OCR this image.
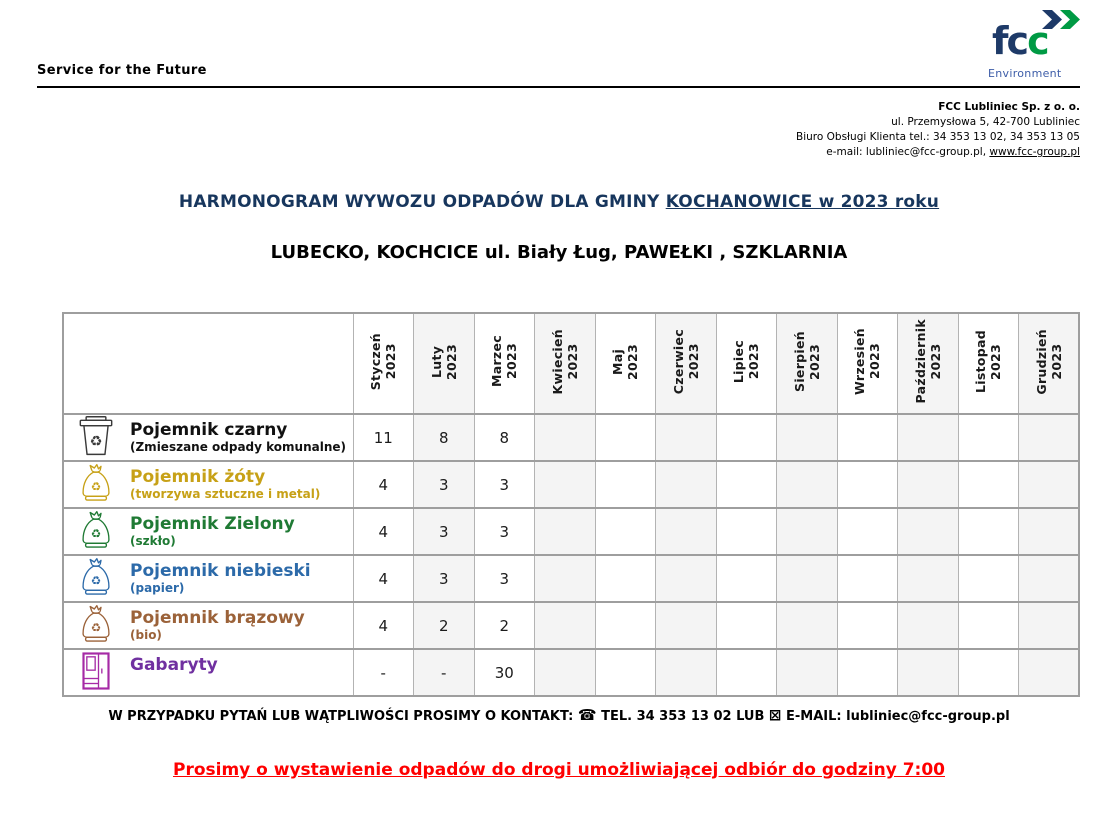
Service for the Future
fcc
Environment
FCC Lubliniec Sp. z o. o.
ul. Przemysłowa 5, 42-700 Lubliniec
Biuro Obsługi Klienta tel.: 34 353 13 02, 34 353 13 05
e-mail: lubliniec@fcc-group.pl, www.fcc-group.pl
HARMONOGRAM WYWOZU ODPADÓW DLA GMINY KOCHANOWICE w 2023 roku
LUBECKO, KOCHCICE ul. Biały Ług, PAWEŁKI , SZKLARNIA

Styczeń 2023	Luty 2023	Marzec 2023	Kwiecień 2023	Maj 2023	Czerwiec 2023	Lipiec 2023	Sierpień 2023	Wrzesień 2023	Październik 2023	Listopad 2023	Grudzień 2023

♻
Pojemnik czarny
(Zmieszane odpady komunalne)	11	8	8									

♻ Pojemnik żóty
(tworzywa sztuczne i metal)	4	3	3									

♻ Pojemnik Zielony
(szkło)	4	3	3									

♻ Pojemnik niebieski
(papier)	4	3	3									

♻ Pojemnik brązowy
(bio)	4	2	2									

Gabaryty	-	-	30									
W PRZYPADKU PYTAŃ LUB WĄTPLIWOŚCI PROSIMY O KONTAKT: ☎ TEL. 34 353 13 02 LUB ⊠ E-MAIL: lubliniec@fcc-group.pl
Prosimy o wystawienie odpadów do drogi umożliwiającej odbiór do godziny 7:00
